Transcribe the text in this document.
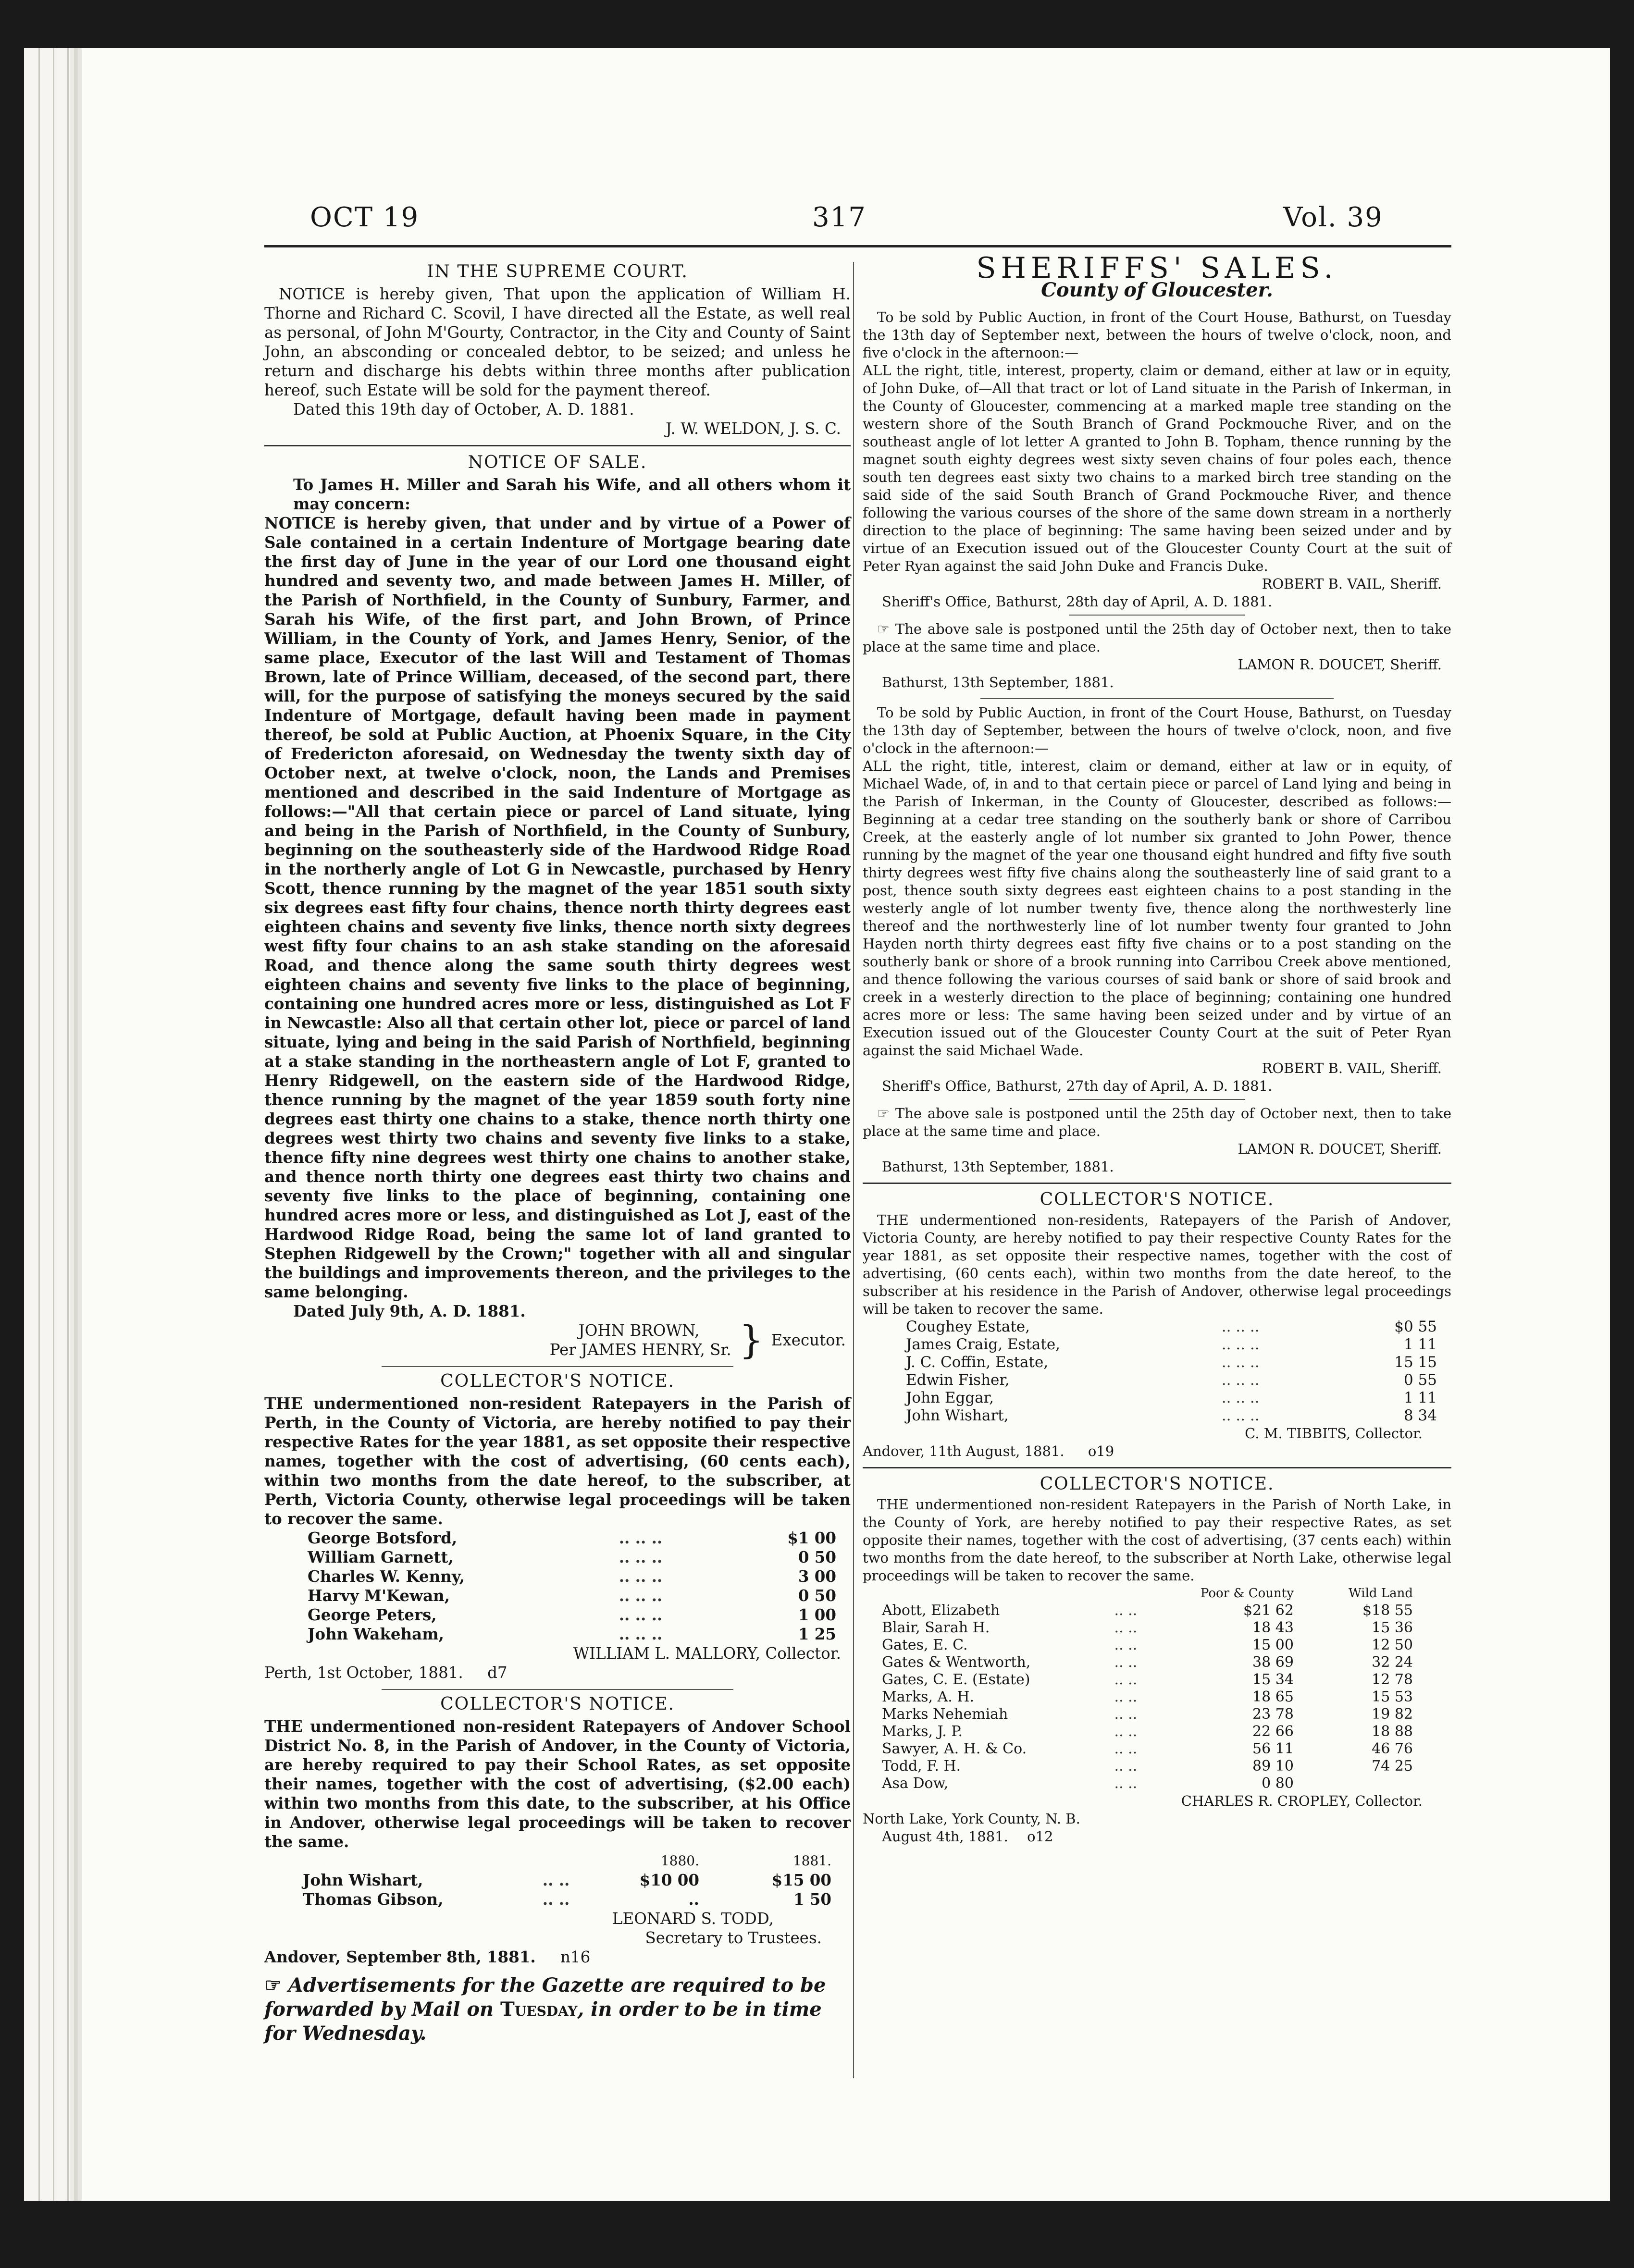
OCT 19	317	Vol. 39
IN THE SUPREME COURT.

NOTICE is hereby given, That upon the application of William H. Thorne and Richard C. Scovil, I have directed all the Estate, as well real as personal, of John M'Gourty, Contractor, in the City and County of Saint John, an absconding or concealed debtor, to be seized; and unless he return and discharge his debts within three months after publication hereof, such Estate will be sold for the payment thereof.

Dated this 19th day of October, A. D. 1881.
J. W. WELDON, J. S. C.
NOTICE OF SALE.

To James H. Miller and Sarah his Wife, and all others whom it may concern:

NOTICE is hereby given, that under and by virtue of a Power of Sale contained in a certain Indenture of Mortgage bearing date the first day of June in the year of our Lord one thousand eight hundred and seventy two, and made between James H. Miller, of the Parish of Northfield, in the County of Sunbury, Farmer, and Sarah his Wife, of the first part, and John Brown, of Prince William, in the County of York, and James Henry, Senior, of the same place, Executor of the last Will and Testament of Thomas Brown, late of Prince William, deceased, of the second part, there will, for the purpose of satisfying the moneys secured by the said Indenture of Mortgage, default having been made in payment thereof, be sold at Public Auction, at Phoenix Square, in the City of Fredericton aforesaid, on Wednesday the twenty sixth day of October next, at twelve o'clock, noon, the Lands and Premises mentioned and described in the said Indenture of Mortgage as follows:—"All that certain piece or parcel of Land situate, lying and being in the Parish of Northfield, in the County of Sunbury, beginning on the southeasterly side of the Hardwood Ridge Road in the northerly angle of Lot G in Newcastle, purchased by Henry Scott, thence running by the magnet of the year 1851 south sixty six degrees east fifty four chains, thence north thirty degrees east eighteen chains and seventy five links, thence north sixty degrees west fifty four chains to an ash stake standing on the aforesaid Road, and thence along the same south thirty degrees west eighteen chains and seventy five links to the place of beginning, containing one hundred acres more or less, distinguished as Lot F in Newcastle: Also all that certain other lot, piece or parcel of land situate, lying and being in the said Parish of Northfield, beginning at a stake standing in the northeastern angle of Lot F, granted to Henry Ridgewell, on the eastern side of the Hardwood Ridge, thence running by the magnet of the year 1859 south forty nine degrees east thirty one chains to a stake, thence north thirty one degrees west thirty two chains and seventy five links to a stake, thence fifty nine degrees west thirty one chains to another stake, and thence north thirty one degrees east thirty two chains and seventy five links to the place of beginning, containing one hundred acres more or less, and distinguished as Lot J, east of the Hardwood Ridge Road, being the same lot of land granted to Stephen Ridgewell by the Crown;" together with all and singular the buildings and improvements thereon, and the privileges to the same belonging.

Dated July 9th, A. D. 1881.
JOHN BROWN,
Per JAMES HENRY, Sr. } Executor.
COLLECTOR'S NOTICE.

THE undermentioned non-resident Ratepayers in the Parish of Perth, in the County of Victoria, are hereby notified to pay their respective Rates for the year 1881, as set opposite their respective names, together with the cost of advertising, (60 cents each), within two months from the date hereof, to the subscriber, at Perth, Victoria County, otherwise legal proceedings will be taken to recover the same.

George Botsford,	.. .. ..	$1 00
William Garnett,	.. .. ..	0 50
Charles W. Kenny,	.. .. ..	3 00
Harvy M'Kewan,	.. .. ..	0 50
George Peters,	.. .. ..	1 00
John Wakeham,	.. .. ..	1 25
WILLIAM L. MALLORY, Collector.
Perth, 1st October, 1881. d7
COLLECTOR'S NOTICE.

THE undermentioned non-resident Ratepayers of Andover School District No. 8, in the Parish of Andover, in the County of Victoria, are hereby required to pay their School Rates, as set opposite their names, together with the cost of advertising, ($2.00 each) within two months from this date, to the subscriber, at his Office in Andover, otherwise legal proceedings will be taken to recover the same.

		1880.	1881.
John Wishart,	.. ..	$10 00	$15 00
Thomas Gibson,	.. ..	..	1 50
LEONARD S. TODD,
Secretary to Trustees.
Andover, September 8th, 1881. n16
☞ Advertisements for the Gazette are required to be forwarded by Mail on Tuesday, in order to be in time for Wednesday.
SHERIFFS' SALES.
County of Gloucester.

To be sold by Public Auction, in front of the Court House, Bathurst, on Tuesday the 13th day of September next, between the hours of twelve o'clock, noon, and five o'clock in the afternoon:—

ALL the right, title, interest, property, claim or demand, either at law or in equity, of John Duke, of—All that tract or lot of Land situate in the Parish of Inkerman, in the County of Gloucester, commencing at a marked maple tree standing on the western shore of the South Branch of Grand Pockmouche River, and on the southeast angle of lot letter A granted to John B. Topham, thence running by the magnet south eighty degrees west sixty seven chains of four poles each, thence south ten degrees east sixty two chains to a marked birch tree standing on the said side of the said South Branch of Grand Pockmouche River, and thence following the various courses of the shore of the same down stream in a northerly direction to the place of beginning: The same having been seized under and by virtue of an Execution issued out of the Gloucester County Court at the suit of Peter Ryan against the said John Duke and Francis Duke.

ROBERT B. VAIL, Sheriff.
Sheriff's Office, Bathurst, 28th day of April, A. D. 1881.

☞ The above sale is postponed until the 25th day of October next, then to take place at the same time and place.

LAMON R. DOUCET, Sheriff.
Bathurst, 13th September, 1881.

To be sold by Public Auction, in front of the Court House, Bathurst, on Tuesday the 13th day of September, between the hours of twelve o'clock, noon, and five o'clock in the afternoon:—

ALL the right, title, interest, claim or demand, either at law or in equity, of Michael Wade, of, in and to that certain piece or parcel of Land lying and being in the Parish of Inkerman, in the County of Gloucester, described as follows:—Beginning at a cedar tree standing on the southerly bank or shore of Carribou Creek, at the easterly angle of lot number six granted to John Power, thence running by the magnet of the year one thousand eight hundred and fifty five south thirty degrees west fifty five chains along the southeasterly line of said grant to a post, thence south sixty degrees east eighteen chains to a post standing in the westerly angle of lot number twenty five, thence along the northwesterly line thereof and the northwesterly line of lot number twenty four granted to John Hayden north thirty degrees east fifty five chains or to a post standing on the southerly bank or shore of a brook running into Carribou Creek above mentioned, and thence following the various courses of said bank or shore of said brook and creek in a westerly direction to the place of beginning; containing one hundred acres more or less: The same having been seized under and by virtue of an Execution issued out of the Gloucester County Court at the suit of Peter Ryan against the said Michael Wade.

ROBERT B. VAIL, Sheriff.
Sheriff's Office, Bathurst, 27th day of April, A. D. 1881.

☞ The above sale is postponed until the 25th day of October next, then to take place at the same time and place.

LAMON R. DOUCET, Sheriff.
Bathurst, 13th September, 1881.
COLLECTOR'S NOTICE.

THE undermentioned non-residents, Ratepayers of the Parish of Andover, Victoria County, are hereby notified to pay their respective County Rates for the year 1881, as set opposite their respective names, together with the cost of advertising, (60 cents each), within two months from the date hereof, to the subscriber at his residence in the Parish of Andover, otherwise legal proceedings will be taken to recover the same.

Coughey Estate,	.. .. ..	$0 55
James Craig, Estate,	.. .. ..	1 11
J. C. Coffin, Estate,	.. .. ..	15 15
Edwin Fisher,	.. .. ..	0 55
John Eggar,	.. .. ..	1 11
John Wishart,	.. .. ..	8 34
C. M. TIBBITS, Collector.
Andover, 11th August, 1881. o19
COLLECTOR'S NOTICE.

THE undermentioned non-resident Ratepayers in the Parish of North Lake, in the County of York, are hereby notified to pay their respective Rates, as set opposite their names, together with the cost of advertising, (37 cents each) within two months from the date hereof, to the subscriber at North Lake, otherwise legal proceedings will be taken to recover the same.

		Poor & County	Wild Land
Abott, Elizabeth	.. ..	$21 62	$18 55
Blair, Sarah H.	.. ..	18 43	15 36
Gates, E. C.	.. ..	15 00	12 50
Gates & Wentworth,	.. ..	38 69	32 24
Gates, C. E. (Estate)	.. ..	15 34	12 78
Marks, A. H.	.. ..	18 65	15 53
Marks Nehemiah	.. ..	23 78	19 82
Marks, J. P.	.. ..	22 66	18 88
Sawyer, A. H. & Co.	.. ..	56 11	46 76
Todd, F. H.	.. ..	89 10	74 25
Asa Dow,	.. ..	0 80	
CHARLES R. CROPLEY, Collector.
North Lake, York County, N. B.
August 4th, 1881. o12
